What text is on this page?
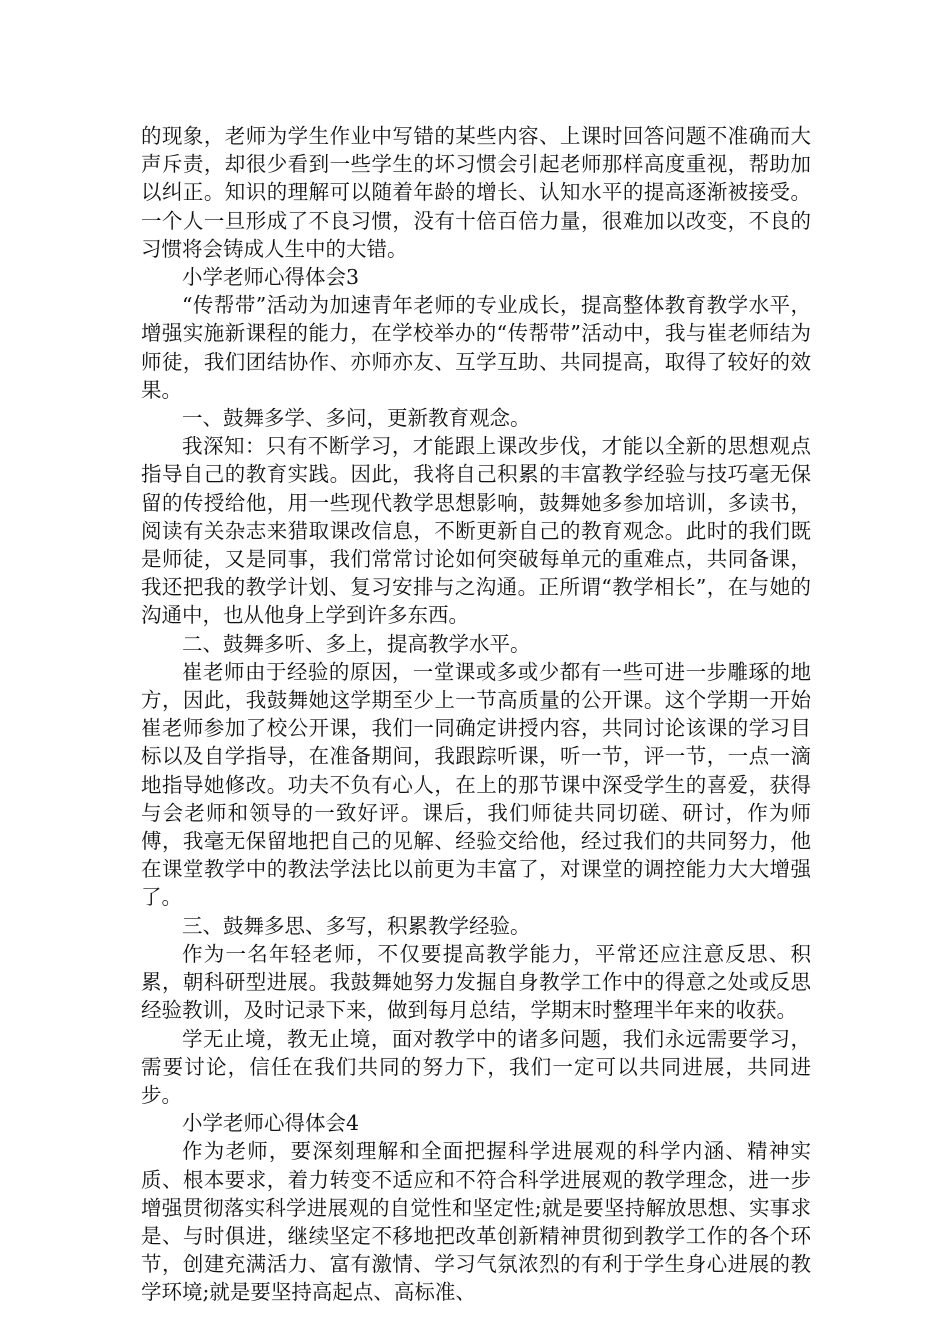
的现象，老师为学生作业中写错的某些内容、上课时回答问题不准确而大声斥责，却很少看到一些学生的坏习惯会引起老师那样高度重视，帮助加以纠正。知识的理解可以随着年龄的增长、认知水平的提高逐渐被接受。一个人一旦形成了不良习惯，没有十倍百倍力量，很难加以改变，不良的习惯将会铸成人生中的大错。

小学老师心得体会3

“传帮带”活动为加速青年老师的专业成长，提高整体教育教学水平，增强实施新课程的能力，在学校举办的“传帮带”活动中，我与崔老师结为师徒，我们团结协作、亦师亦友、互学互助、共同提高，取得了较好的效果。

一、鼓舞多学、多问，更新教育观念。

我深知：只有不断学习，才能跟上课改步伐，才能以全新的思想观点指导自己的教育实践。因此，我将自己积累的丰富教学经验与技巧毫无保留的传授给他，用一些现代教学思想影响，鼓舞她多参加培训，多读书，阅读有关杂志来猎取课改信息，不断更新自己的教育观念。此时的我们既是师徒，又是同事，我们常常讨论如何突破每单元的重难点，共同备课，我还把我的教学计划、复习安排与之沟通。正所谓“教学相长”，在与她的沟通中，也从他身上学到许多东西。

二、鼓舞多听、多上，提高教学水平。

崔老师由于经验的原因，一堂课或多或少都有一些可进一步雕琢的地方，因此，我鼓舞她这学期至少上一节高质量的公开课。这个学期一开始崔老师参加了校公开课，我们一同确定讲授内容，共同讨论该课的学习目标以及自学指导，在准备期间，我跟踪听课，听一节，评一节，一点一滴地指导她修改。功夫不负有心人，在上的那节课中深受学生的喜爱，获得与会老师和领导的一致好评。课后，我们师徒共同切磋、研讨，作为师傅，我毫无保留地把自己的见解、经验交给他，经过我们的共同努力，他在课堂教学中的教法学法比以前更为丰富了，对课堂的调控能力大大增强了。

三、鼓舞多思、多写，积累教学经验。

作为一名年轻老师，不仅要提高教学能力，平常还应注意反思、积累，朝科研型进展。我鼓舞她努力发掘自身教学工作中的得意之处或反思经验教训，及时记录下来，做到每月总结，学期末时整理半年来的收获。

学无止境，教无止境，面对教学中的诸多问题，我们永远需要学习，需要讨论，信任在我们共同的努力下，我们一定可以共同进展，共同进步。

小学老师心得体会4

作为老师，要深刻理解和全面把握科学进展观的科学内涵、精神实质、根本要求，着力转变不适应和不符合科学进展观的教学理念，进一步增强贯彻落实科学进展观的自觉性和坚定性;就是要坚持解放思想、实事求是、与时俱进，继续坚定不移地把改革创新精神贯彻到教学工作的各个环节，创建充满活力、富有激情、学习气氛浓烈的有利于学生身心进展的教学环境;就是要坚持高起点、高标准、
